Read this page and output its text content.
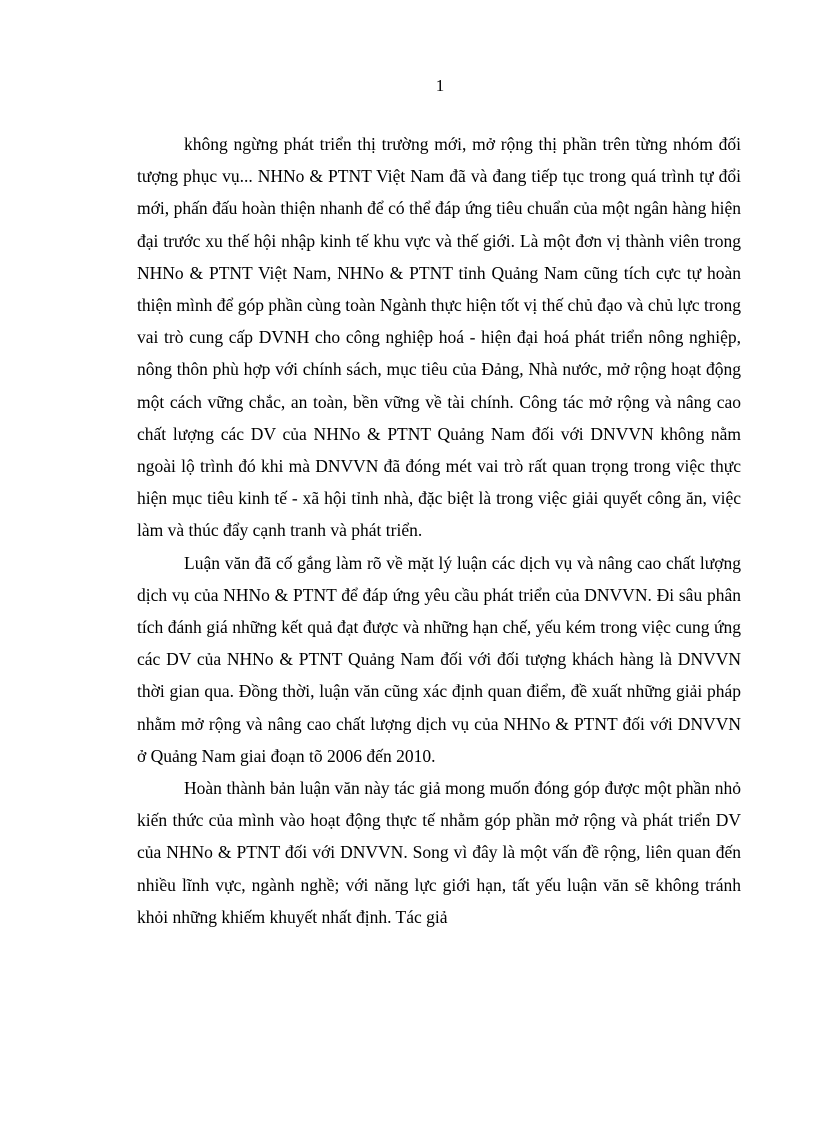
1

không ngừng phát triển thị trường mới, mở rộng thị phần trên từng nhóm đối tượng phục vụ... NHNo & PTNT Việt Nam đã và đang tiếp tục trong quá trình tự đổi mới, phấn đấu hoàn thiện nhanh để có thể đáp ứng tiêu chuẩn của một ngân hàng hiện đại trước xu thế hội nhập kinh tế khu vực và thế giới. Là một đơn vị thành viên trong NHNo & PTNT Việt Nam, NHNo & PTNT tỉnh Quảng Nam cũng tích cực tự hoàn thiện mình để góp phần cùng toàn Ngành thực hiện tốt vị thế chủ đạo và chủ lực trong vai trò cung cấp DVNH cho công nghiệp hoá - hiện đại hoá phát triển nông nghiệp, nông thôn phù hợp với chính sách, mục tiêu của Đảng, Nhà nước, mở rộng hoạt động một cách vững chắc, an toàn, bền vững về tài chính. Công tác mở rộng và nâng cao chất lượng các DV của NHNo & PTNT Quảng Nam đối với DNVVN không nằm ngoài lộ trình đó khi mà DNVVN đã đóng mét vai trò rất quan trọng trong việc thực hiện mục tiêu kinh tế - xã hội tỉnh nhà, đặc biệt là trong việc giải quyết công ăn, việc làm và thúc đẩy cạnh tranh và phát triển.

Luận văn đã cố gắng làm rõ về mặt lý luận các dịch vụ và nâng cao chất lượng dịch vụ của NHNo & PTNT để đáp ứng yêu cầu phát triển của DNVVN. Đi sâu phân tích đánh giá những kết quả đạt được và những hạn chế, yếu kém trong việc cung ứng các DV của NHNo & PTNT Quảng Nam đối với đối tượng khách hàng là DNVVN thời gian qua. Đồng thời, luận văn cũng xác định quan điểm, đề xuất những giải pháp nhằm mở rộng và nâng cao chất lượng dịch vụ của NHNo & PTNT đối với DNVVN ở Quảng Nam giai đoạn tõ 2006 đến 2010.

Hoàn thành bản luận văn này tác giả mong muốn đóng góp được một phần nhỏ kiến thức của mình vào hoạt động thực tế nhằm góp phần mở rộng và phát triển DV của NHNo & PTNT đối với DNVVN. Song vì đây là một vấn đề rộng, liên quan đến nhiều lĩnh vực, ngành nghề; với năng lực giới hạn, tất yếu luận văn sẽ không tránh khỏi những khiếm khuyết nhất định. Tác giả
